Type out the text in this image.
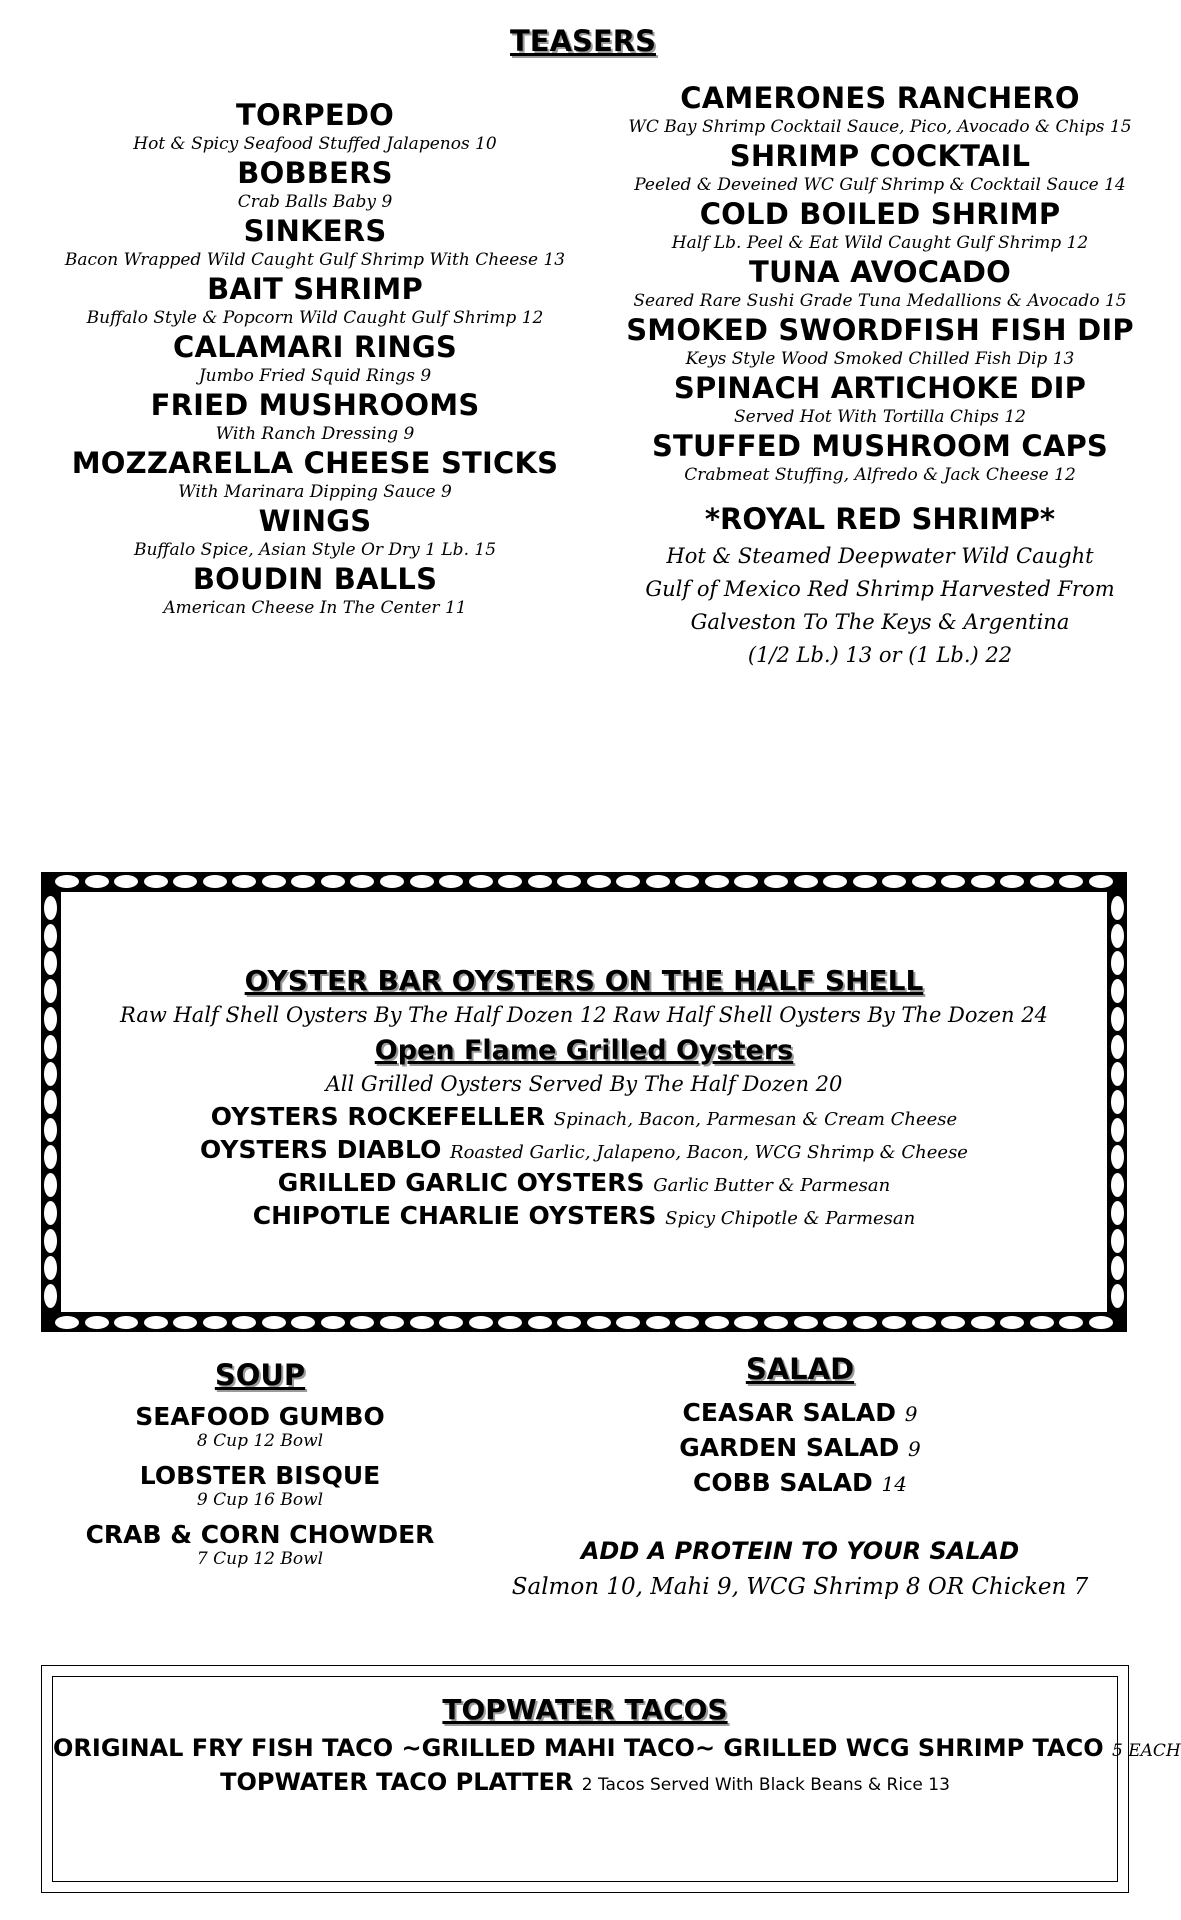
TEASERS
TORPEDO
Hot & Spicy Seafood Stuffed Jalapenos 10
BOBBERS
Crab Balls Baby 9
SINKERS
Bacon Wrapped Wild Caught Gulf Shrimp With Cheese 13
BAIT SHRIMP
Buffalo Style & Popcorn Wild Caught Gulf Shrimp 12
CALAMARI RINGS
Jumbo Fried Squid Rings 9
FRIED MUSHROOMS
With Ranch Dressing 9
MOZZARELLA CHEESE STICKS
With Marinara Dipping Sauce 9
WINGS
Buffalo Spice, Asian Style Or Dry 1 Lb. 15
BOUDIN BALLS
American Cheese In The Center 11
CAMERONES RANCHERO
WC Bay Shrimp Cocktail Sauce, Pico, Avocado & Chips 15
SHRIMP COCKTAIL
Peeled & Deveined WC Gulf Shrimp & Cocktail Sauce 14
COLD BOILED SHRIMP
Half Lb. Peel & Eat Wild Caught Gulf Shrimp 12
TUNA AVOCADO
Seared Rare Sushi Grade Tuna Medallions & Avocado 15
SMOKED SWORDFISH FISH DIP
Keys Style Wood Smoked Chilled Fish Dip 13
SPINACH ARTICHOKE DIP
Served Hot With Tortilla Chips 12
STUFFED MUSHROOM CAPS
Crabmeat Stuffing, Alfredo & Jack Cheese 12
*ROYAL RED SHRIMP*
Hot & Steamed Deepwater Wild Caught
Gulf of Mexico Red Shrimp Harvested From
Galveston To The Keys & Argentina
(1/2 Lb.) 13 or (1 Lb.) 22
OYSTER BAR OYSTERS ON THE HALF SHELL
Raw Half Shell Oysters By The Half Dozen 12 Raw Half Shell Oysters By The Dozen 24
Open Flame Grilled Oysters
All Grilled Oysters Served By The Half Dozen 20
OYSTERS ROCKEFELLER Spinach, Bacon, Parmesan & Cream Cheese
OYSTERS DIABLO Roasted Garlic, Jalapeno, Bacon, WCG Shrimp & Cheese
GRILLED GARLIC OYSTERS Garlic Butter & Parmesan
CHIPOTLE CHARLIE OYSTERS Spicy Chipotle & Parmesan
SOUP
SEAFOOD GUMBO
8 Cup 12 Bowl
LOBSTER BISQUE
9 Cup 16 Bowl
CRAB & CORN CHOWDER
7 Cup 12 Bowl
SALAD
CEASAR SALAD 9
GARDEN SALAD 9
COBB SALAD 14
ADD A PROTEIN TO YOUR SALAD
Salmon 10, Mahi 9, WCG Shrimp 8 OR Chicken 7
TOPWATER TACOS
ORIGINAL FRY FISH TACO ~GRILLED MAHI TACO~ GRILLED WCG SHRIMP TACO 5 EACH
TOPWATER TACO PLATTER 2 Tacos Served With Black Beans & Rice 13
